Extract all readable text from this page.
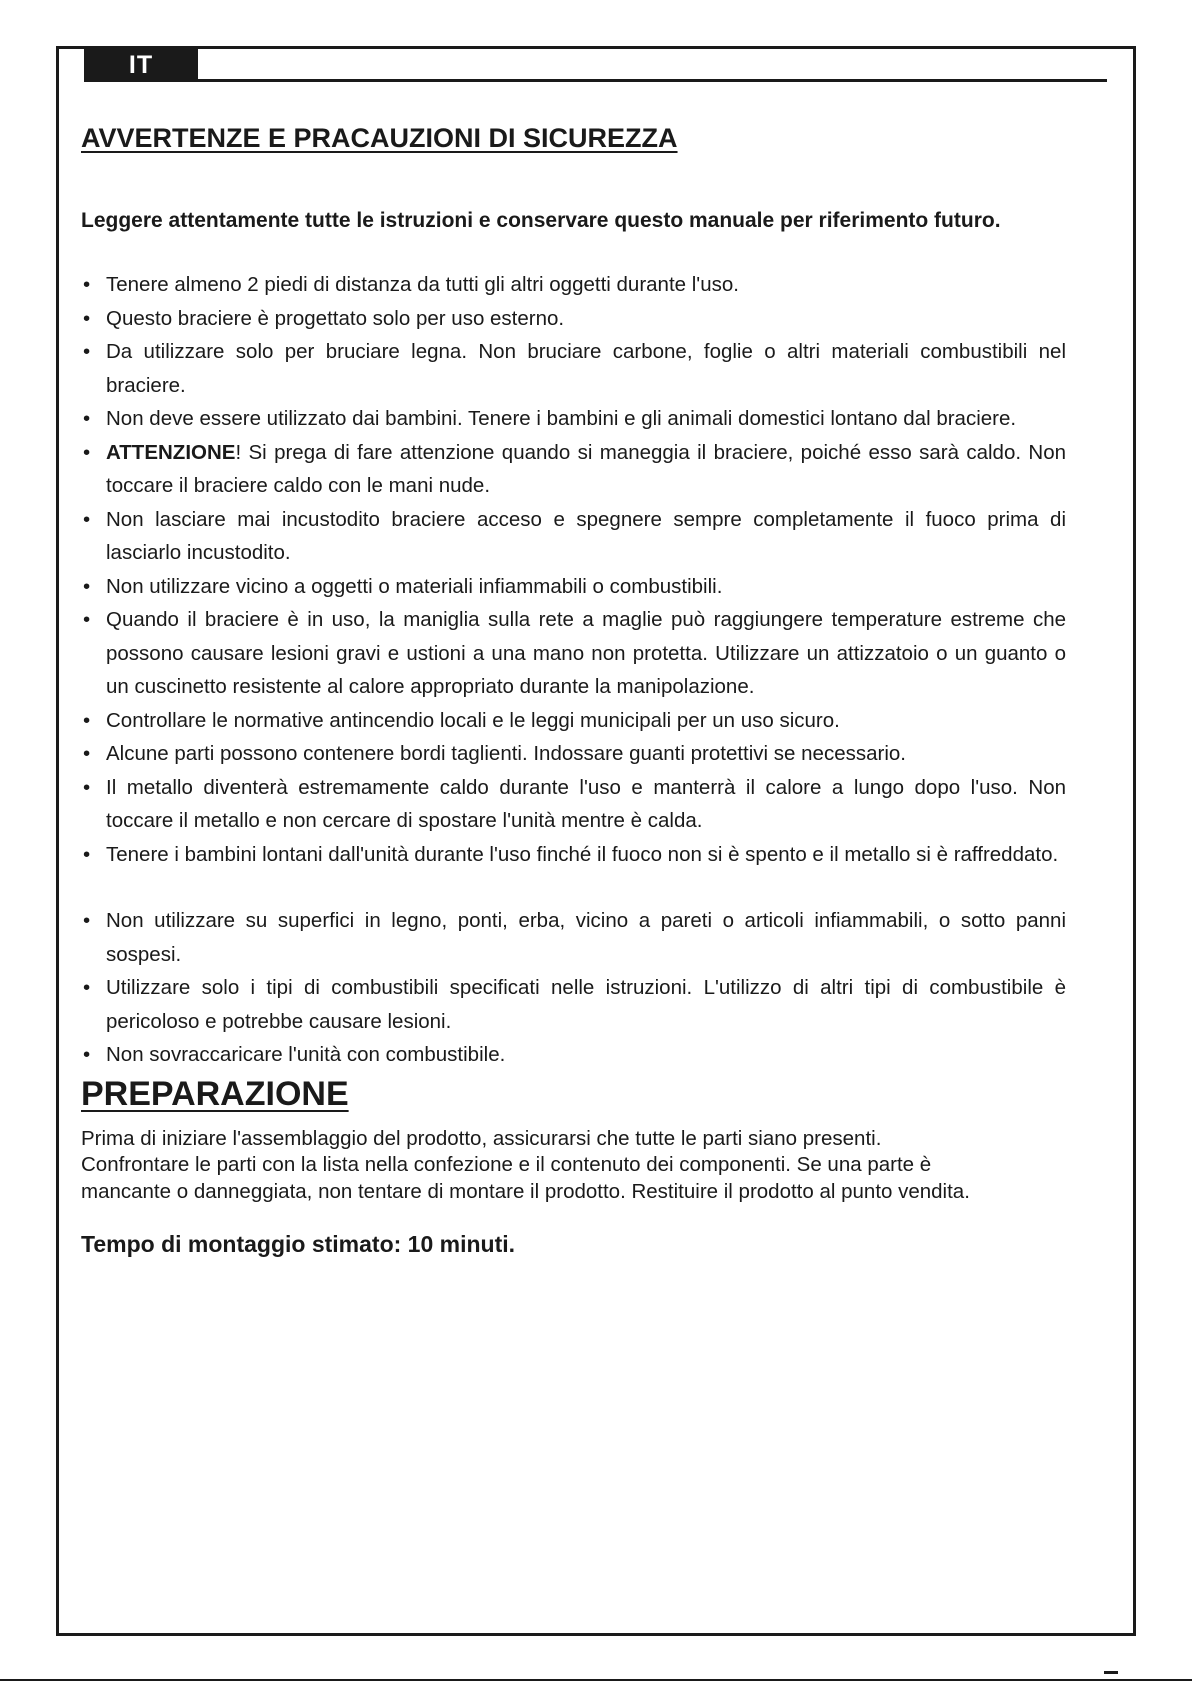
IT
AVVERTENZE E PRACAUZIONI DI SICUREZZA

Leggere attentamente tutte le istruzioni e conservare questo manuale per riferimento futuro.

• Tenere almeno 2 piedi di distanza da tutti gli altri oggetti durante l'uso.
• Questo braciere è progettato solo per uso esterno.
• Da utilizzare solo per bruciare legna. Non bruciare carbone, foglie o altri materiali combustibili nel braciere.
• Non deve essere utilizzato dai bambini. Tenere i bambini e gli animali domestici lontano dal braciere.
• ATTENZIONE! Si prega di fare attenzione quando si maneggia il braciere, poiché esso sarà caldo. Non toccare il braciere caldo con le mani nude.
• Non lasciare mai incustodito braciere acceso e spegnere sempre completamente il fuoco prima di lasciarlo incustodito.
• Non utilizzare vicino a oggetti o materiali infiammabili o combustibili.
• Quando il braciere è in uso, la maniglia sulla rete a maglie può raggiungere temperature estreme che possono causare lesioni gravi e ustioni a una mano non protetta. Utilizzare un attizzatoio o un guanto o un cuscinetto resistente al calore appropriato durante la manipolazione.
• Controllare le normative antincendio locali e le leggi municipali per un uso sicuro.
• Alcune parti possono contenere bordi taglienti. Indossare guanti protettivi se necessario.
• Il metallo diventerà estremamente caldo durante l'uso e manterrà il calore a lungo dopo l'uso. Non toccare il metallo e non cercare di spostare l'unità mentre è calda.
• Tenere i bambini lontani dall'unità durante l'uso finché il fuoco non si è spento e il metallo si è raffreddato.
• Non utilizzare su superfici in legno, ponti, erba, vicino a pareti o articoli infiammabili, o sotto panni sospesi.
• Utilizzare solo i tipi di combustibili specificati nelle istruzioni. L'utilizzo di altri tipi di combustibile è pericoloso e potrebbe causare lesioni.
• Non sovraccaricare l'unità con combustibile.
PREPARAZIONE
Prima di iniziare l'assemblaggio del prodotto, assicurarsi che tutte le parti siano presenti.
Confrontare le parti con la lista nella confezione e il contenuto dei componenti. Se una parte è
mancante o danneggiata, non tentare di montare il prodotto. Restituire il prodotto al punto vendita.

Tempo di montaggio stimato: 10 minuti.
